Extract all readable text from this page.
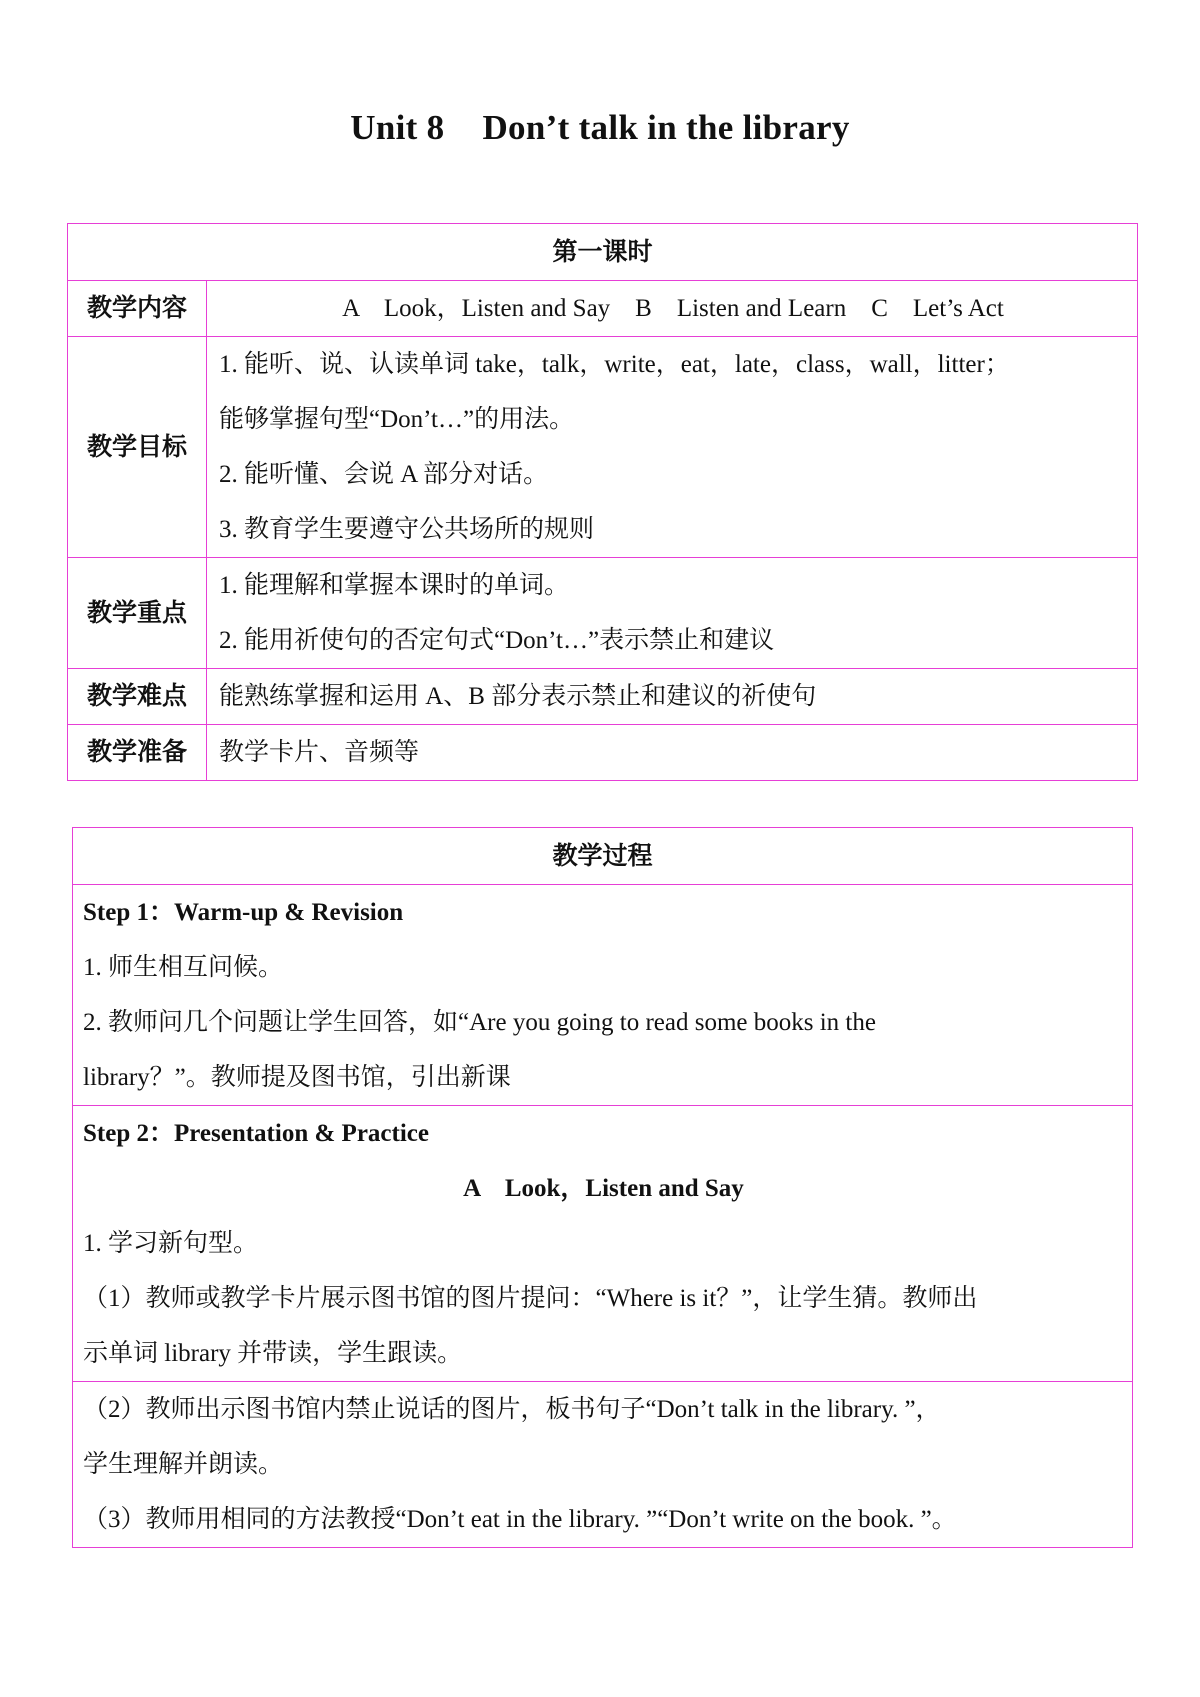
Unit 8 Don’t talk in the library
第一课时	
教学内容	A　Look，Listen and Say　B　Listen and Learn　C　Let’s Act

教学目标	1. 能听、说、认读单词 take，talk，write，eat，late，class，wall，litter；
能够掌握句型“Don’t…”的用法。
2. 能听懂、会说 A 部分对话。
3. 教育学生要遵守公共场所的规则

教学重点	1. 能理解和掌握本课时的单词。
2. 能用祈使句的否定句式“Don’t…”表示禁止和建议

教学难点	能熟练掌握和运用 A、B 部分表示禁止和建议的祈使句

教学准备	教学卡片、音频等
教学过程

Step 1：Warm-up & Revision
1. 师生相互问候。
2. 教师问几个问题让学生回答，如“Are you going to read some books in the
library？”。教师提及图书馆，引出新课

Step 2：Presentation & Practice
A　Look，Listen and Say
1. 学习新句型。
（1）教师或教学卡片展示图书馆的图片提问：“Where is it？”，让学生猜。教师出
示单词 library 并带读，学生跟读。

（2）教师出示图书馆内禁止说话的图片，板书句子“Don’t talk in the library. ”，
学生理解并朗读。
（3）教师用相同的方法教授“Don’t eat in the library. ”“Don’t write on the book. ”。
